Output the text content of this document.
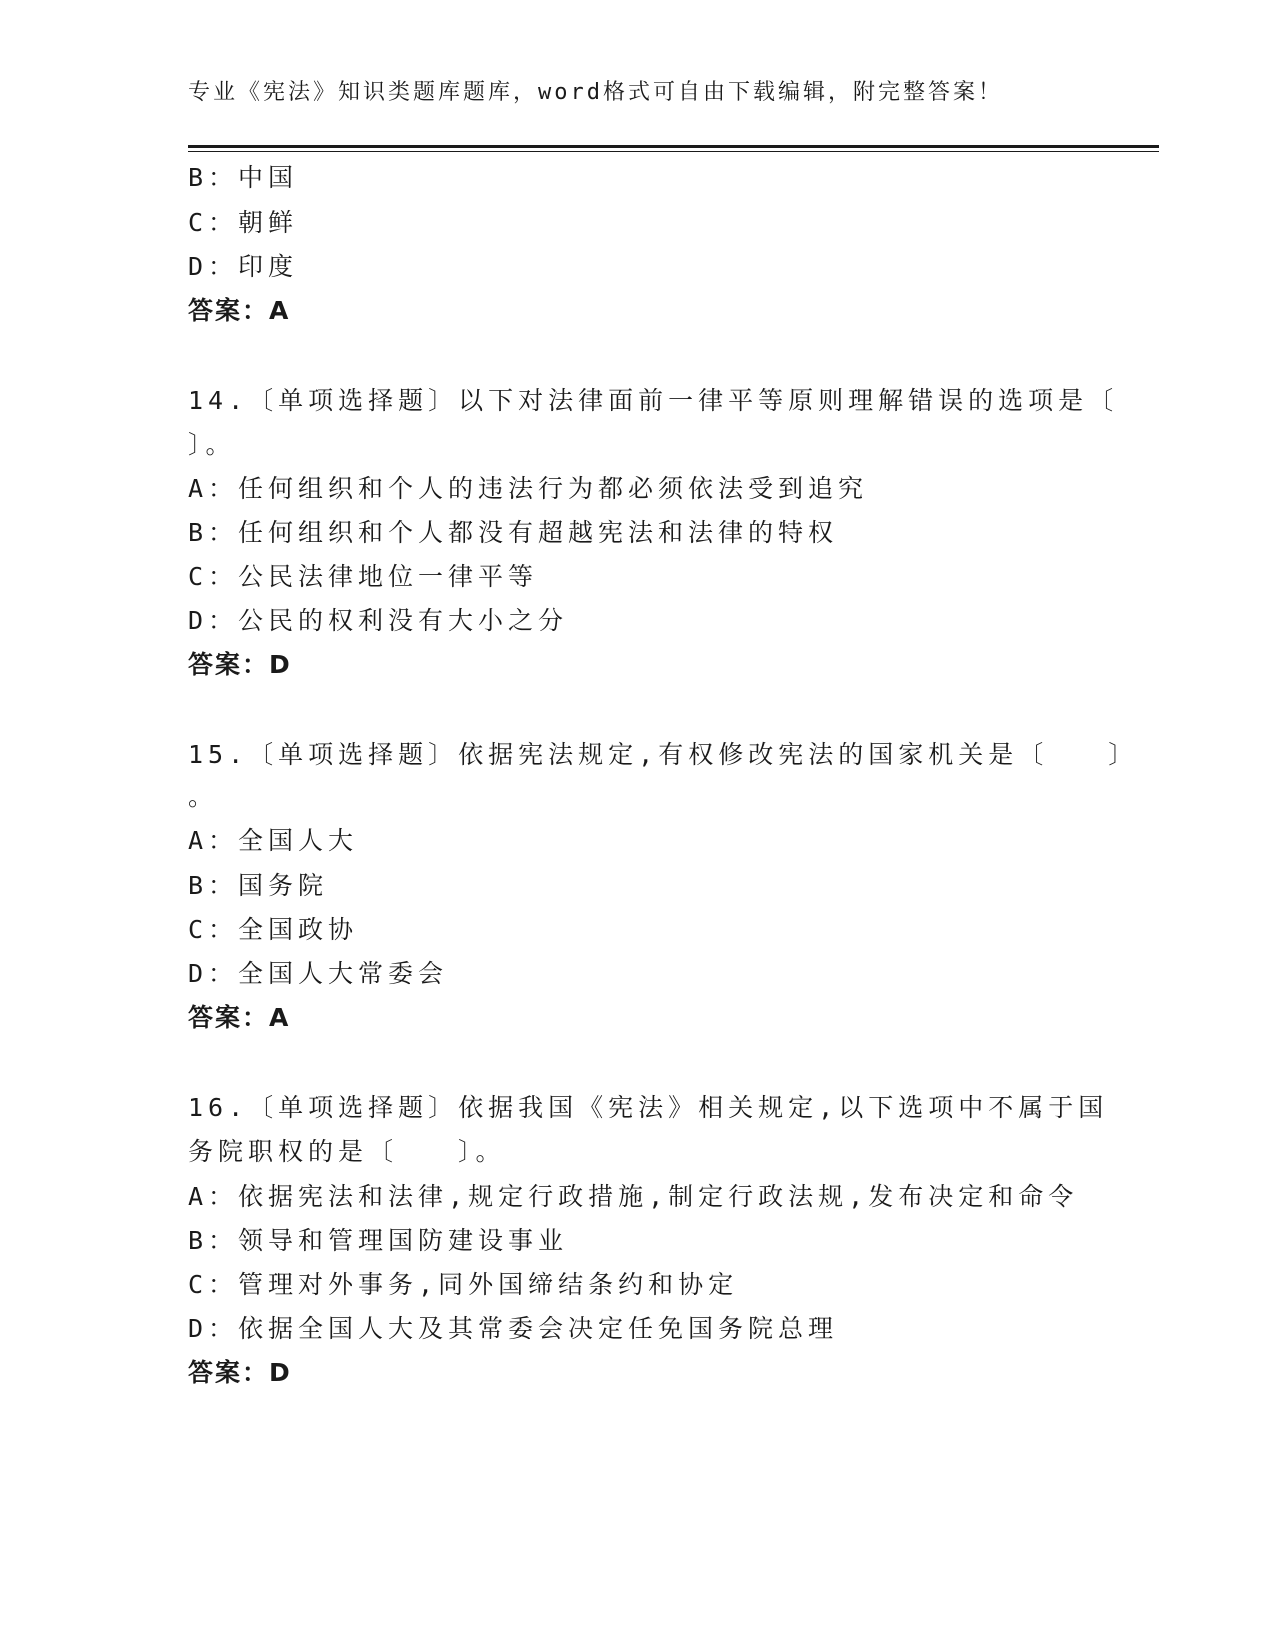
专业《宪法》知识类题库题库，word格式可自由下载编辑，附完整答案！
B：中国
C：朝鲜
D：印度
答案：A
14.〔单项选择题〕以下对法律面前一律平等原则理解错误的选项是〔
〕。
A：任何组织和个人的违法行为都必须依法受到追究
B：任何组织和个人都没有超越宪法和法律的特权
C：公民法律地位一律平等
D：公民的权利没有大小之分
答案：D
15.〔单项选择题〕依据宪法规定,有权修改宪法的国家机关是〔　　〕
。
A：全国人大
B：国务院
C：全国政协
D：全国人大常委会
答案：A
16.〔单项选择题〕依据我国《宪法》相关规定,以下选项中不属于国
务院职权的是〔　　〕。
A：依据宪法和法律,规定行政措施,制定行政法规,发布决定和命令
B：领导和管理国防建设事业
C：管理对外事务,同外国缔结条约和协定
D：依据全国人大及其常委会决定任免国务院总理
答案：D
